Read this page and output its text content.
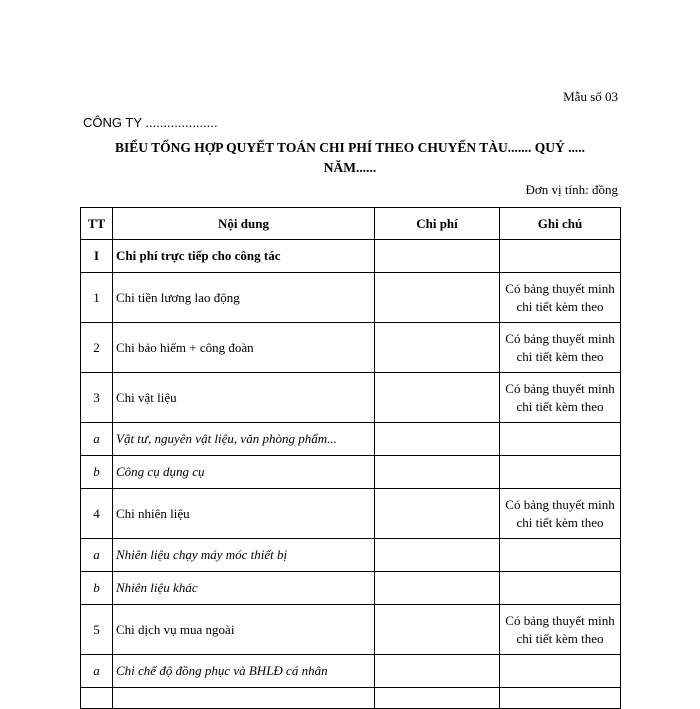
Mẫu số 03
CÔNG TY ....................
BIỂU TỔNG HỢP QUYẾT TOÁN CHI PHÍ THEO CHUYẾN TÀU....... QUÝ .....
NĂM......
Đơn vị tính: đồng
TT	Nội dung	Chi phí	Ghi chú
I	Chi phí trực tiếp cho công tác		

1	Chi tiền lương lao động		Có bảng thuyết minh
chi tiết kèm theo

2	Chi bảo hiểm + công đoàn		Có bảng thuyết minh
chi tiết kèm theo

3	Chi vật liệu		Có bảng thuyết minh
chi tiết kèm theo

a	Vật tư, nguyên vật liệu, văn phòng phẩm...		

b	Công cụ dụng cụ		

4	Chi nhiên liệu		Có bảng thuyết minh
chi tiết kèm theo

a	Nhiên liệu chạy máy móc thiết bị		

b	Nhiên liệu khác		

5	Chi dịch vụ mua ngoài		Có bảng thuyết minh
chi tiết kèm theo

a	Chi chế độ đồng phục và BHLĐ cá nhân		
